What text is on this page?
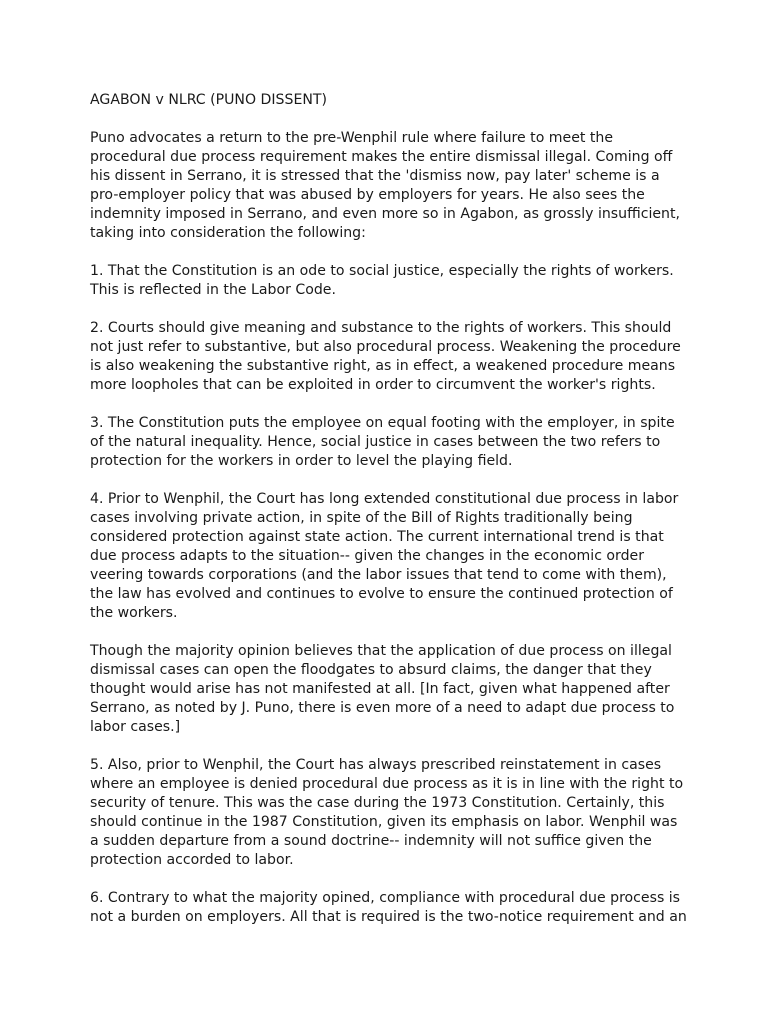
AGABON v NLRC (PUNO DISSENT)

Puno advocates a return to the pre-Wenphil rule where failure to meet the procedural due process requirement makes the entire dismissal illegal. Coming off his dissent in Serrano, it is stressed that the 'dismiss now, pay later' scheme is a pro-employer policy that was abused by employers for years. He also sees the indemnity imposed in Serrano, and even more so in Agabon, as grossly insufficient, taking into consideration the following:

1. That the Constitution is an ode to social justice, especially the rights of workers. This is reflected in the Labor Code.

2. Courts should give meaning and substance to the rights of workers. This should not just refer to substantive, but also procedural process. Weakening the procedure is also weakening the substantive right, as in effect, a weakened procedure means more loopholes that can be exploited in order to circumvent the worker's rights.

3. The Constitution puts the employee on equal footing with the employer, in spite of the natural inequality. Hence, social justice in cases between the two refers to protection for the workers in order to level the playing field.

4. Prior to Wenphil, the Court has long extended constitutional due process in labor cases involving private action, in spite of the Bill of Rights traditionally being considered protection against state action. The current international trend is that due process adapts to the situation-- given the changes in the economic order veering towards corporations (and the labor issues that tend to come with them), the law has evolved and continues to evolve to ensure the continued protection of the workers.

Though the majority opinion believes that the application of due process on illegal dismissal cases can open the floodgates to absurd claims, the danger that they thought would arise has not manifested at all. [In fact, given what happened after Serrano, as noted by J. Puno, there is even more of a need to adapt due process to labor cases.]

5. Also, prior to Wenphil, the Court has always prescribed reinstatement in cases where an employee is denied procedural due process as it is in line with the right to security of tenure. This was the case during the 1973 Constitution. Certainly, this should continue in the 1987 Constitution, given its emphasis on labor. Wenphil was a sudden departure from a sound doctrine-- indemnity will not suffice given the protection accorded to labor.

6. Contrary to what the majority opined, compliance with procedural due process is not a burden on employers. All that is required is the two-notice requirement and an
